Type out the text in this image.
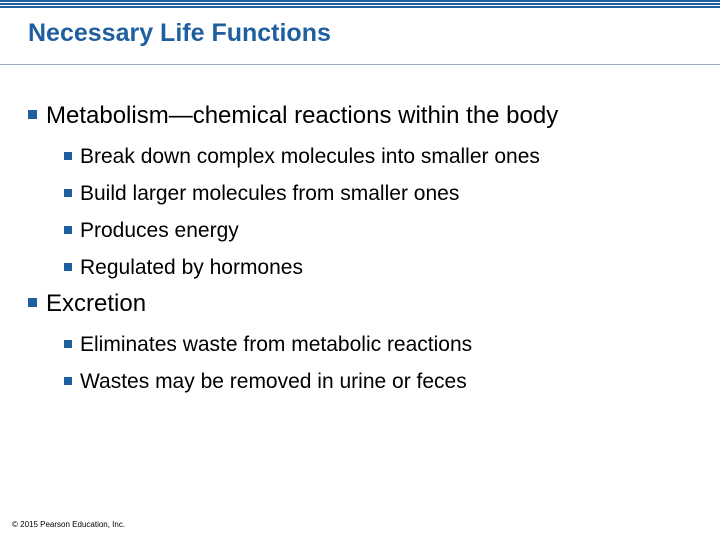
Necessary Life Functions
Metabolism—chemical reactions within the body
Break down complex molecules into smaller ones
Build larger molecules from smaller ones
Produces energy
Regulated by hormones
Excretion
Eliminates waste from metabolic reactions
Wastes may be removed in urine or feces
© 2015 Pearson Education, Inc.
